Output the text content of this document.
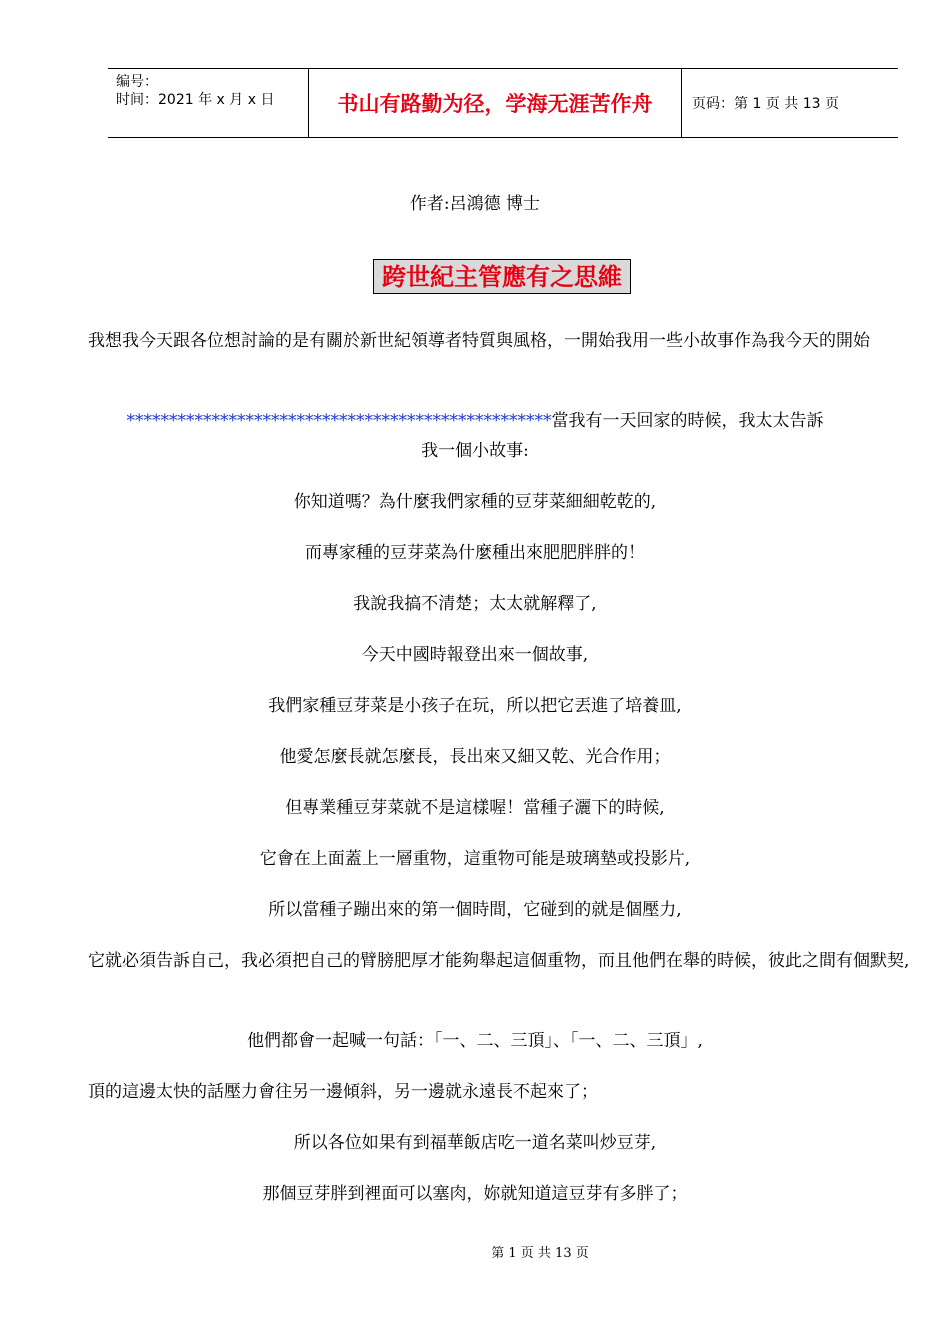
编号：
时间：2021 年 x 月 x 日	书山有路勤为径，学海无涯苦作舟	页码：第 1 页 共 13 页
作者:呂鴻德 博士
跨世紀主管應有之思維
我想我今天跟各位想討論的是有關於新世紀領導者特質與風格，一開始我用一些小故事作為我今天的開始
**************************************************當我有一天回家的時候，我太太告訴
我一個小故事:
你知道嗎？為什麼我們家種的豆芽菜細細乾乾的,
而專家種的豆芽菜為什麼種出來肥肥胖胖的！
我說我搞不清楚；太太就解釋了,
今天中國時報登出來一個故事,
我們家種豆芽菜是小孩子在玩，所以把它丟進了培養皿,
他愛怎麼長就怎麼長，長出來又細又乾、光合作用；
但專業種豆芽菜就不是這樣喔！當種子灑下的時候,
它會在上面蓋上一層重物，這重物可能是玻璃墊或投影片,
所以當種子蹦出來的第一個時間，它碰到的就是個壓力,
它就必須告訴自己，我必須把自己的臂膀肥厚才能夠舉起這個重物，而且他們在舉的時候，彼此之間有個默契,
他們都會一起喊一句話：「一、二、三頂」、「一、二、三頂」,
頂的這邊太快的話壓力會往另一邊傾斜，另一邊就永遠長不起來了；
所以各位如果有到福華飯店吃一道名菜叫炒豆芽,
那個豆芽胖到裡面可以塞肉，妳就知道這豆芽有多胖了；
第 1 页 共 13 页
